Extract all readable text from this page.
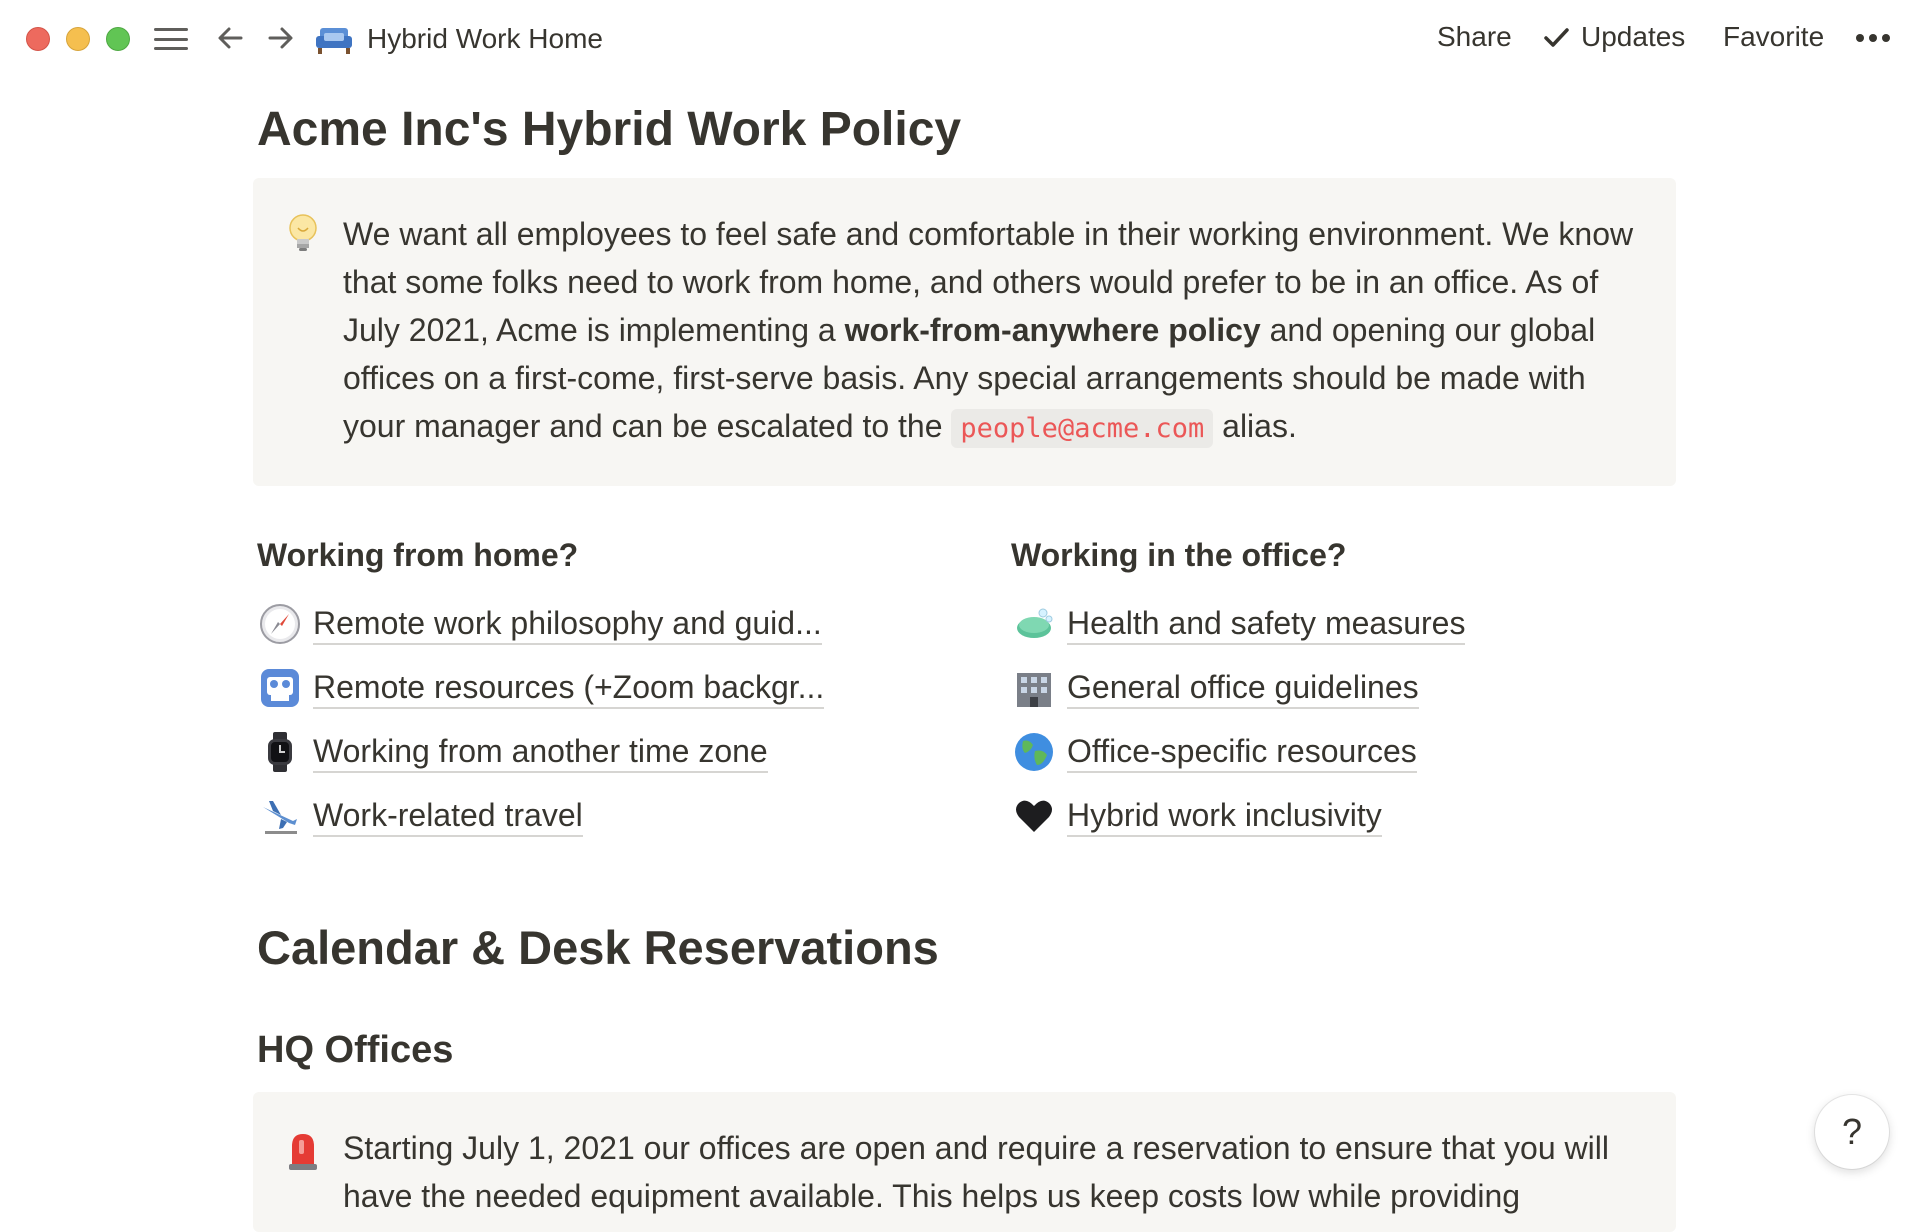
Hybrid Work Home	Share Updates Favorite
Acme Inc's Hybrid Work Policy
We want all employees to feel safe and comfortable in their working environment. We know that some folks need to work from home, and others would prefer to be in an office. As of July 2021, Acme is implementing a work-from-anywhere policy and opening our global offices on a first-come, first-serve basis. Any special arrangements should be made with your manager and can be escalated to the people@acme.com alias.
Working from home?
Remote work philosophy and guid...
Remote resources (+Zoom backgr...
Working from another time zone
Work-related travel
Working in the office?
Health and safety measures
General office guidelines
Office-specific resources
Hybrid work inclusivity
Calendar & Desk Reservations
HQ Offices
Starting July 1, 2021 our offices are open and require a reservation to ensure that you will have the needed equipment available. This helps us keep costs low while providing
?
